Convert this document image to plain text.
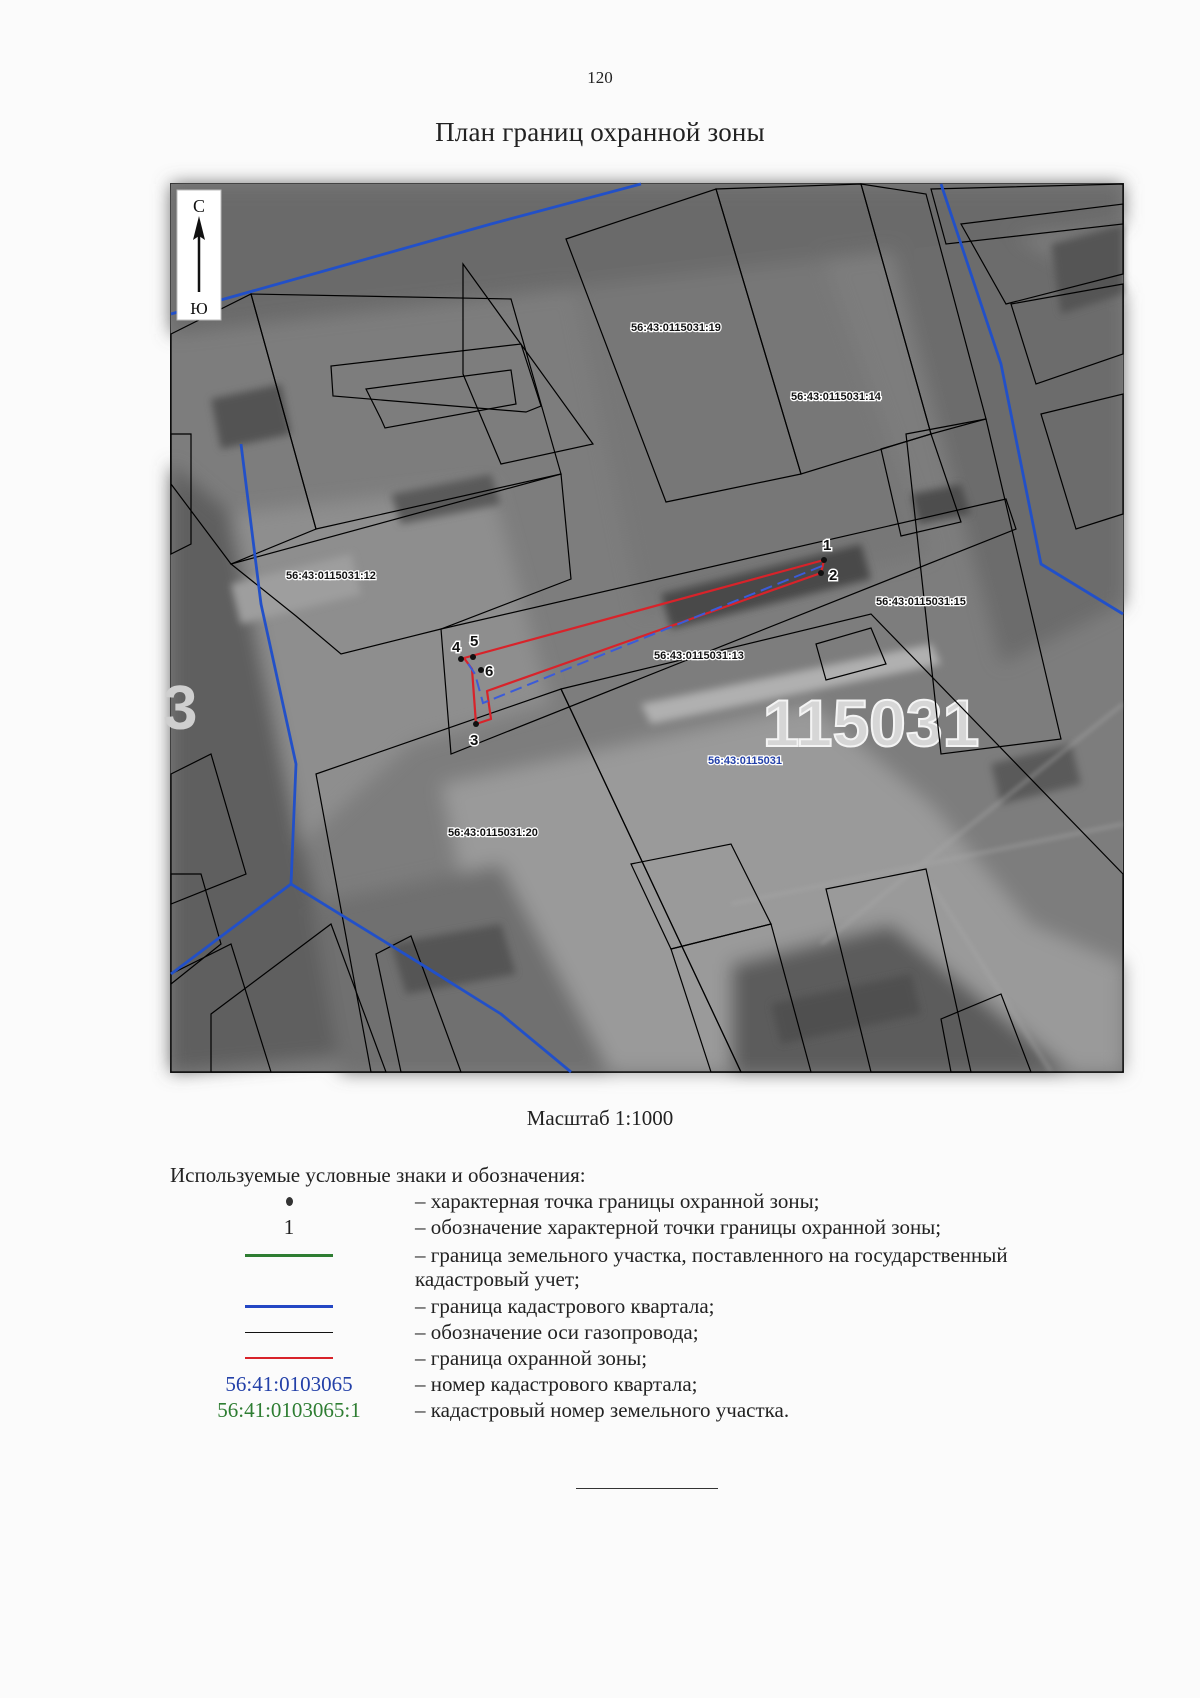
120
План границ охранной зоны
115031
3
С
Ю
1
2
3
4 5
6
56:43:0115031:19
56:43:0115031:14
56:43:0115031:12
56:43:0115031:15
56:43:0115031:13
56:43:0115031:20
56:43:0115031
Масштаб 1:1000
Используемые условные знаки и обозначения:
– характерная точка границы охранной зоны;
1	– обозначение характерной точки границы охранной зоны;
– граница земельного участка, поставленного на государственный кадастровый учет;
– граница кадастрового квартала;
– обозначение оси газопровода;
– граница охранной зоны;
56:41:0103065	– номер кадастрового квартала;
56:41:0103065:1	– кадастровый номер земельного участка.
